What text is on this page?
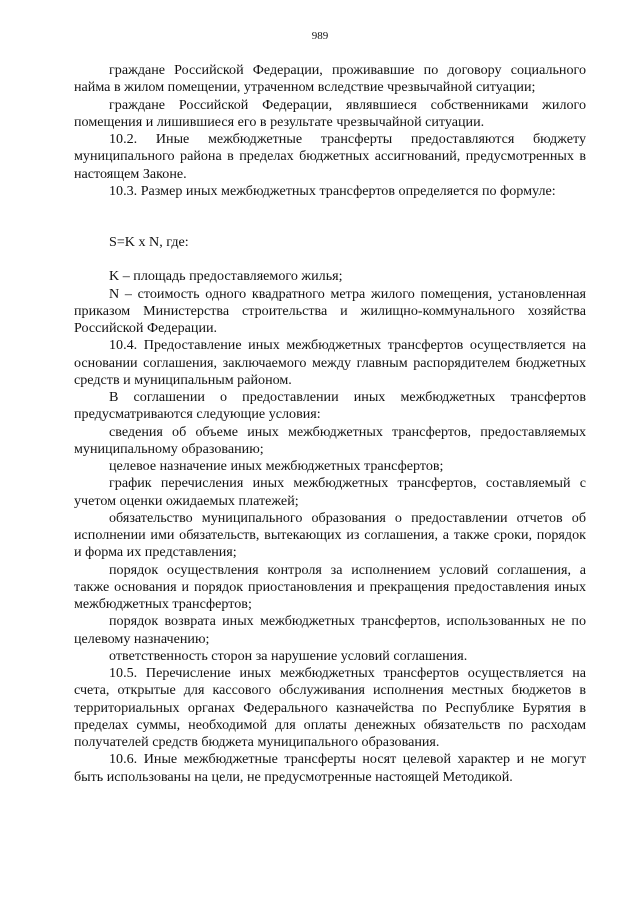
989

граждане Российской Федерации, проживавшие по договору социального найма в жилом помещении, утраченном вследствие чрезвычайной ситуации;

граждане Российской Федерации, являвшиеся собственниками жилого помещения и лишившиеся его в результате чрезвычайной ситуации.

10.2. Иные межбюджетные трансферты предоставляются бюджету муниципального района в пределах бюджетных ассигнований, предусмотренных в настоящем Законе.

10.3. Размер иных межбюджетных трансфертов определяется по формуле:

S=K x N, где:

K – площадь предоставляемого жилья;

N – стоимость одного квадратного метра жилого помещения, установленная приказом Министерства строительства и жилищно-коммунального хозяйства Российской Федерации.

10.4. Предоставление иных межбюджетных трансфертов осуществляется на основании соглашения, заключаемого между главным распорядителем бюджетных средств и муниципальным районом.

В соглашении о предоставлении иных межбюджетных трансфертов предусматриваются следующие условия:

сведения об объеме иных межбюджетных трансфертов, предоставляемых муниципальному образованию;

целевое назначение иных межбюджетных трансфертов;

график перечисления иных межбюджетных трансфертов, составляемый с учетом оценки ожидаемых платежей;

обязательство муниципального образования о предоставлении отчетов об исполнении ими обязательств, вытекающих из соглашения, а также сроки, порядок и форма их представления;

порядок осуществления контроля за исполнением условий соглашения, а также основания и порядок приостановления и прекращения предоставления иных межбюджетных трансфертов;

порядок возврата иных межбюджетных трансфертов, использованных не по целевому назначению;

ответственность сторон за нарушение условий соглашения.

10.5. Перечисление иных межбюджетных трансфертов осуществляется на счета, открытые для кассового обслуживания исполнения местных бюджетов в территориальных органах Федерального казначейства по Республике Бурятия в пределах суммы, необходимой для оплаты денежных обязательств по расходам получателей средств бюджета муниципального образования.

10.6. Иные межбюджетные трансферты носят целевой характер и не могут быть использованы на цели, не предусмотренные настоящей Методикой.
